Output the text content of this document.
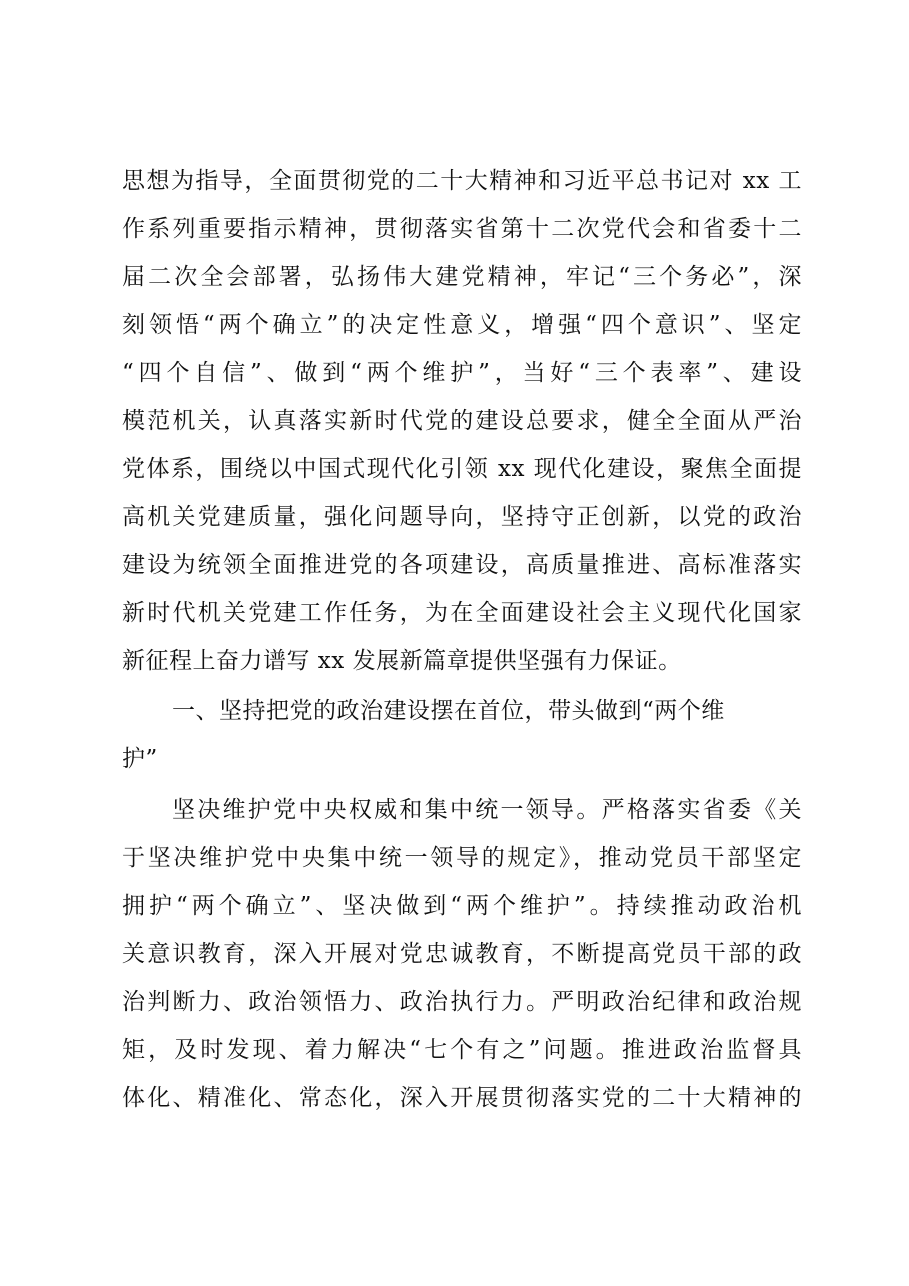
思想为指导，全面贯彻党的二十大精神和习近平总书记对 xx 工
作系列重要指示精神，贯彻落实省第十二次党代会和省委十二
届二次全会部署，弘扬伟大建党精神，牢记“三个务必”，深
刻领悟“两个确立”的决定性意义，增强“四个意识”、坚定
“四个自信”、做到“两个维护”，当好“三个表率”、建设
模范机关，认真落实新时代党的建设总要求，健全全面从严治
党体系，围绕以中国式现代化引领 xx 现代化建设，聚焦全面提
高机关党建质量，强化问题导向，坚持守正创新，以党的政治
建设为统领全面推进党的各项建设，高质量推进、高标准落实
新时代机关党建工作任务，为在全面建设社会主义现代化国家
新征程上奋力谱写 xx 发展新篇章提供坚强有力保证。
一、坚持把党的政治建设摆在首位，带头做到“两个维
护”
坚决维护党中央权威和集中统一领导。严格落实省委《关
于坚决维护党中央集中统一领导的规定》，推动党员干部坚定
拥护“两个确立”、坚决做到“两个维护”。持续推动政治机
关意识教育，深入开展对党忠诚教育，不断提高党员干部的政
治判断力、政治领悟力、政治执行力。严明政治纪律和政治规
矩，及时发现、着力解决“七个有之”问题。推进政治监督具
体化、精准化、常态化，深入开展贯彻落实党的二十大精神的
